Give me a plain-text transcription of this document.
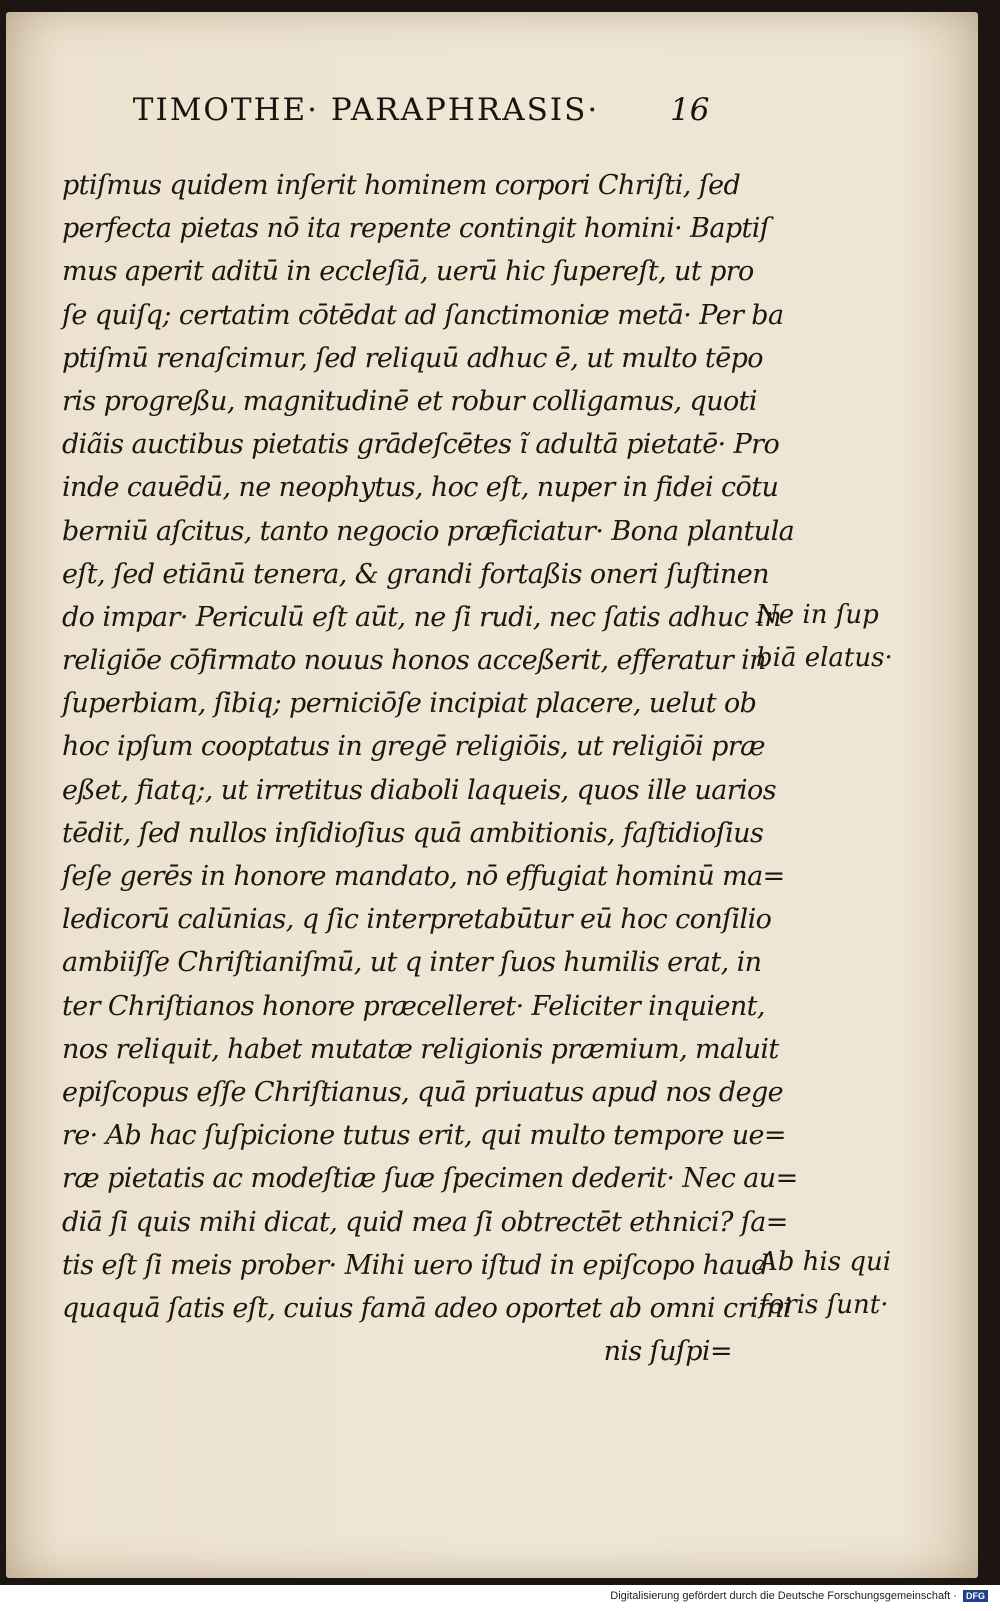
TIMOTHE· PARAPHRASIS·	16
ptiſmus quidem inſerit hominem corpori Chriſti, ſed
perfecta pietas nō ita repente contingit homini· Baptiſ
mus aperit aditū in eccleſiā, uerū hic ſupereſt, ut pro
ſe quiſq; certatim cōtēdat ad ſanctimoniæ metā· Per ba
ptiſmū renaſcimur, ſed reliquū adhuc ē, ut multo tēpo
ris progreßu, magnitudinē et robur colligamus, quoti
diãis auctibus pietatis grādeſcētes ĩ adultā pietatē· Pro
inde cauēdū, ne neophytus, hoc eſt, nuper in fidei cōtu
berniū aſcitus, tanto negocio præficiatur· Bona plantula
eſt, ſed etiānū tenera, & grandi fortaßis oneri ſuſtinen
do impar· Periculū eſt aūt, ne ſi rudi, nec ſatis adhuc in
religiōe cōfirmato nouus honos acceßerit, efferatur in
ſuperbiam, ſibiq; perniciōſe incipiat placere, uelut ob
hoc ipſum cooptatus in gregē religiōis, ut religiōi præ
eßet, fiatq;, ut irretitus diaboli laqueis, quos ille uarios
tēdit, ſed nullos inſidioſius quā ambitionis, faſtidioſius
ſeſe gerēs in honore mandato, nō effugiat hominū ma=
ledicorū calūnias, q ſic interpretabūtur eū hoc conſilio
ambiiſſe Chriſtianiſmū, ut q inter ſuos humilis erat, in
ter Chriſtianos honore præcelleret· Feliciter inquient,
nos reliquit, habet mutatæ religionis præmium, maluit
epiſcopus eſſe Chriſtianus, quā priuatus apud nos dege
re· Ab hac ſuſpicione tutus erit, qui multo tempore ue=
ræ pietatis ac modeſtiæ ſuæ ſpecimen dederit· Nec au=
diā ſi quis mihi dicat, quid mea ſi obtrectēt ethnici? ſa=
tis eſt ſi meis prober· Mihi uero iſtud in epiſcopo haud
quaquā ſatis eſt, cuius famā adeo oportet ab omni crimi
nis ſuſpi=
Ne in ſup
biā elatus·
Ab his qui
foris ſunt·
Digitalisierung gefördert durch die Deutsche Forschungsgemeinschaft · DFG
